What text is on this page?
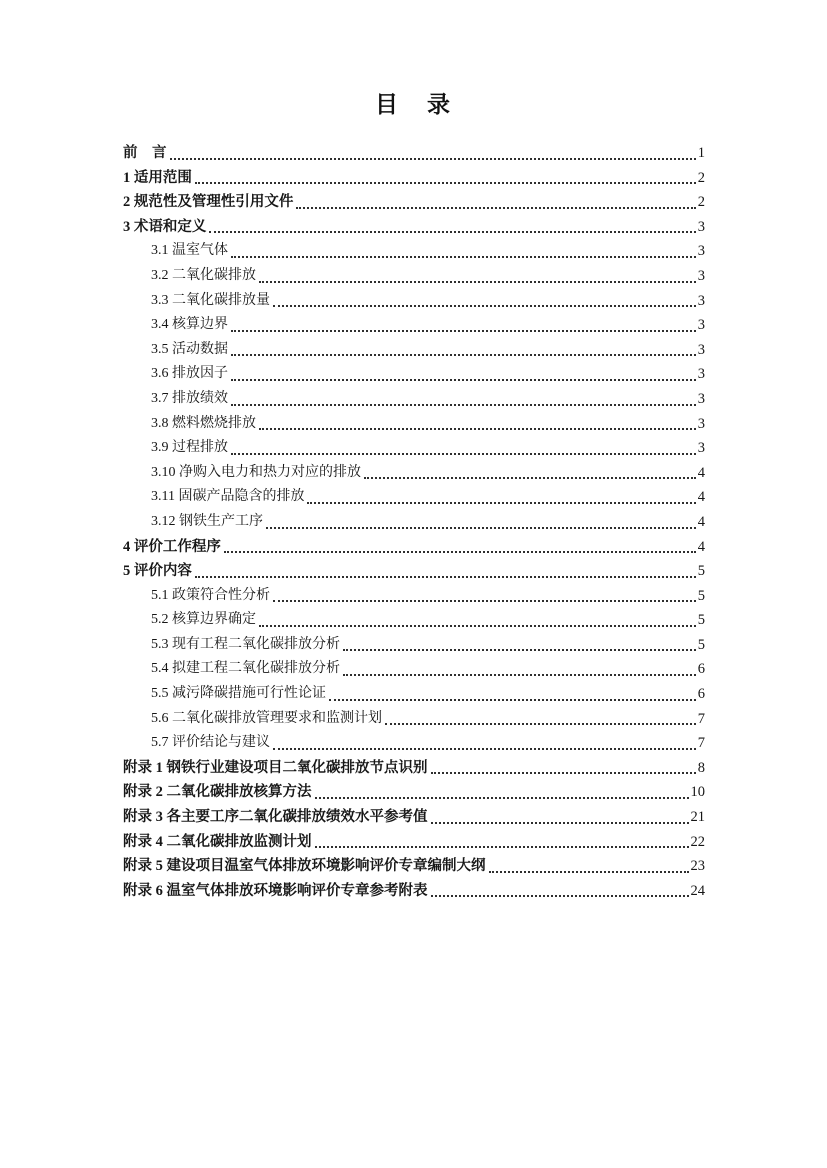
目　录
前　言	1
1 适用范围	2
2 规范性及管理性引用文件	2
3 术语和定义	3
3.1 温室气体	3
3.2 二氧化碳排放	3
3.3 二氧化碳排放量	3
3.4 核算边界	3
3.5 活动数据	3
3.6 排放因子	3
3.7 排放绩效	3
3.8 燃料燃烧排放	3
3.9 过程排放	3
3.10 净购入电力和热力对应的排放	4
3.11 固碳产品隐含的排放	4
3.12 钢铁生产工序	4
4 评价工作程序	4
5 评价内容	5
5.1 政策符合性分析	5
5.2 核算边界确定	5
5.3 现有工程二氧化碳排放分析	5
5.4 拟建工程二氧化碳排放分析	6
5.5 减污降碳措施可行性论证	6
5.6 二氧化碳排放管理要求和监测计划	7
5.7 评价结论与建议	7
附录 1 钢铁行业建设项目二氧化碳排放节点识别	8
附录 2 二氧化碳排放核算方法	10
附录 3 各主要工序二氧化碳排放绩效水平参考值	21
附录 4 二氧化碳排放监测计划	22
附录 5 建设项目温室气体排放环境影响评价专章编制大纲	23
附录 6 温室气体排放环境影响评价专章参考附表	24
